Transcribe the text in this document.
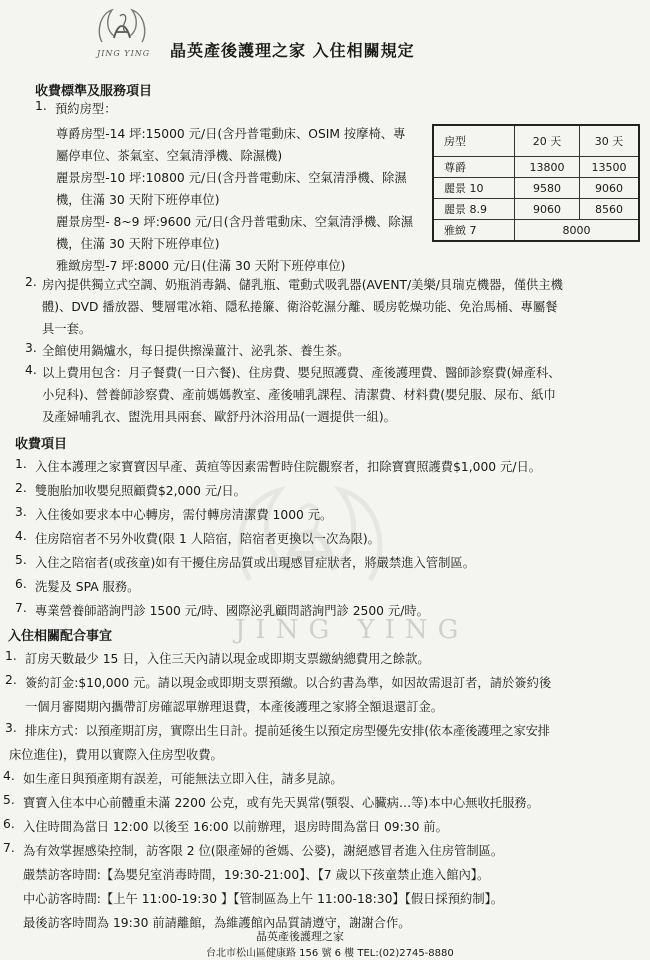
JING YING 晶英產後護理之家 入住相關規定
JING YING
收費標準及服務項目
1. 預約房型：
尊爵房型-14 坪:15000 元/日(含丹普電動床、OSIM 按摩椅、專
屬停車位、茶氣室、空氣清淨機、除濕機)
麗景房型-10 坪:10800 元/日(含丹普電動床、空氣清淨機、除濕
機，住滿 30 天附下班停車位)
麗景房型- 8~9 坪:9600 元/日(含丹普電動床、空氣清淨機、除濕
機，住滿 30 天附下班停車位)
雅緻房型-7 坪:8000 元/日(住滿 30 天附下班停車位)
房型	20 天	30 天
尊爵	13800	13500
麗景 10	9580	9060
麗景 8.9	9060	8560
雅緻 7	8000	
2. 房內提供獨立式空調、奶瓶消毒鍋、儲乳瓶、電動式吸乳器(AVENT/美樂/貝瑞克機器，僅供主機
體)、DVD 播放器、雙層電冰箱、隱私捲簾、衛浴乾濕分離、暖房乾燥功能、免治馬桶、專屬餐
具一套。
3. 全館使用鍋爐水，每日提供擦澡薑汁、泌乳茶、養生茶。
4. 以上費用包含：月子餐費(一日六餐)、住房費、嬰兒照護費、產後護理費、醫師診察費(婦產科、
小兒科)、營養師診察費、產前媽媽教室、產後哺乳課程、清潔費、材料費(嬰兒服、尿布、紙巾
及產婦哺乳衣、盥洗用具兩套、歐舒丹沐浴用品(一週提供一組)。
收費項目
1. 入住本護理之家寶寶因早產、黃疸等因素需暫時住院觀察者，扣除寶寶照護費$1,000 元/日。
2. 雙胞胎加收嬰兒照顧費$2,000 元/日。
3. 入住後如要求本中心轉房，需付轉房清潔費 1000 元。
4. 住房陪宿者不另外收費(限 1 人陪宿，陪宿者更換以一次為限)。
5. 入住之陪宿者(或孩童)如有干擾住房品質或出現感冒症狀者，將嚴禁進入管制區。
6. 洗髮及 SPA 服務。
7. 專業營養師諮詢門診 1500 元/時、國際泌乳顧問諮詢門診 2500 元/時。
入住相關配合事宜
1. 訂房天數最少 15 日，入住三天內請以現金或即期支票繳納總費用之餘款。
2. 簽約訂金:$10,000 元。請以現金或即期支票預繳。以合約書為準，如因故需退訂者，請於簽約後
一個月審閱期內攜帶訂房確認單辦理退費，本產後護理之家將全額退還訂金。
3. 排床方式：以預產期訂房，實際出生日計。提前延後生以預定房型優先安排(依本產後護理之家安排
床位進住)，費用以實際入住房型收費。
4. 如生產日與預產期有誤差，可能無法立即入住，請多見諒。
5. 寶寶入住本中心前體重未滿 2200 公克，或有先天異常(顎裂、心臟病…等)本中心無收托服務。
6. 入住時間為當日 12:00 以後至 16:00 以前辦理，退房時間為當日 09:30 前。
7. 為有效掌握感染控制，訪客限 2 位(限產婦的爸媽、公婆)，謝絕感冒者進入住房管制區。
嚴禁訪客時間:【為嬰兒室消毒時間，19:30-21:00】、【7 歲以下孩童禁止進入館內】。
中心訪客時間:【上午 11:00-19:30 】【管制區為上午 11:00-18:30】【假日採預約制】。
最後訪客時間為 19:30 前請離館，為維護館內品質請遵守，謝謝合作。
晶英產後護理之家
台北市松山區健康路 156 號 6 樓 TEL:(02)2745-8880
